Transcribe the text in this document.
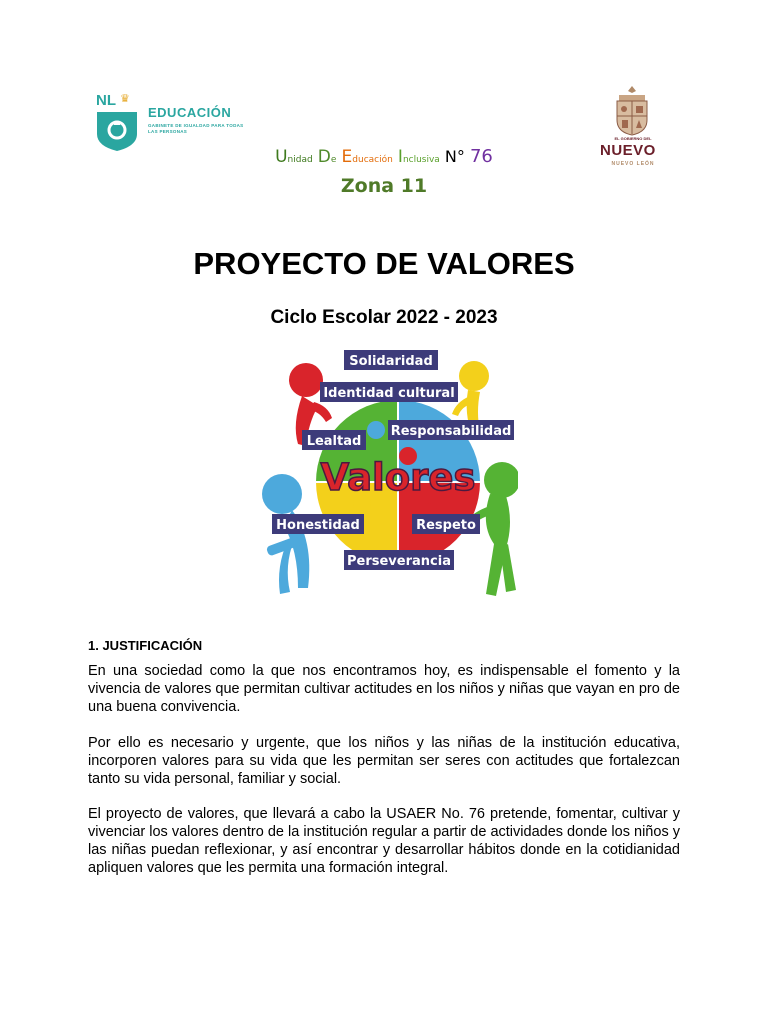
NL ♛
EDUCACIÓN
GABINETE DE IGUALDAD PARA TODAS LAS PERSONAS
EL GOBIERNO DEL
NUEVO
NUEVO LEÓN
Unidad De Educación Inclusiva N° 76
Zona 11
PROYECTO DE VALORES
Ciclo Escolar 2022 - 2023
Solidaridad
Identidad cultural
Lealtad
Responsabilidad
Valores
Honestidad	Respeto
Perseverancia
1. JUSTIFICACIÓN

En una sociedad como la que nos encontramos hoy, es indispensable el fomento y la vivencia de valores que permitan cultivar actitudes en los niños y niñas que vayan en pro de una buena convivencia.

Por ello es necesario y urgente, que los niños y las niñas de la institución educativa, incorporen valores para su vida que les permitan ser seres con actitudes que fortalezcan tanto su vida personal, familiar y social.

El proyecto de valores, que llevará a cabo la USAER No. 76 pretende, fomentar, cultivar y vivenciar los valores dentro de la institución regular a partir de actividades donde los niños y las niñas puedan reflexionar, y así encontrar y desarrollar hábitos donde en la cotidianidad apliquen valores que les permita una formación integral.
